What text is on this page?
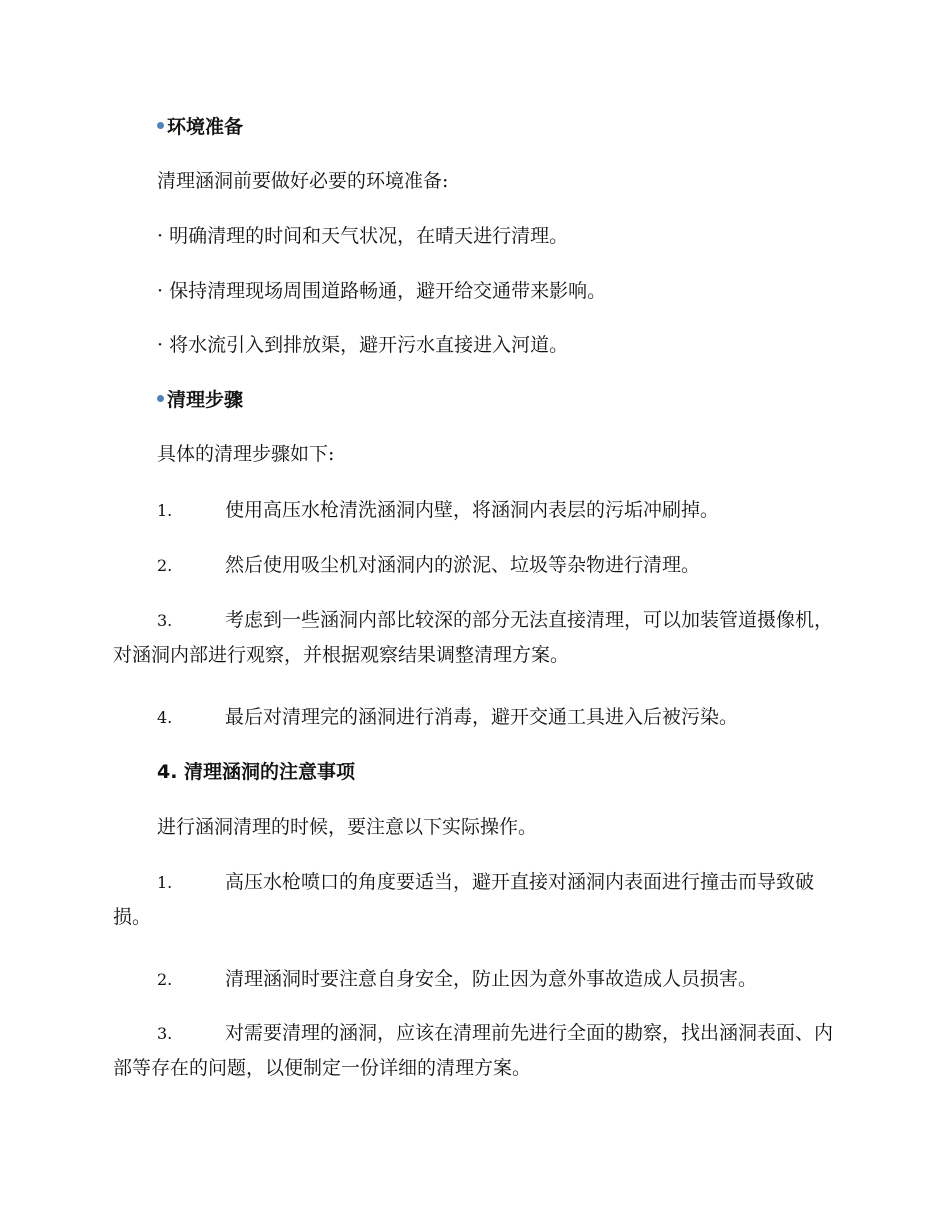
环境准备

清理涵洞前要做好必要的环境准备:

· 明确清理的时间和天气状况，在晴天进行清理。

· 保持清理现场周围道路畅通，避开给交通带来影响。

· 将水流引入到排放渠，避开污水直接进入河道。

清理步骤

具体的清理步骤如下:

1.	使用高压水枪清洗涵洞内壁，将涵洞内表层的污垢冲刷掉。

2.	然后使用吸尘机对涵洞内的淤泥、垃圾等杂物进行清理。

3.	考虑到一些涵洞内部比较深的部分无法直接清理，可以加装管道摄像机，对涵洞内部进行观察，并根据观察结果调整清理方案。

4.	最后对清理完的涵洞进行消毒，避开交通工具进入后被污染。

4. 清理涵洞的注意事项

进行涵洞清理的时候，要注意以下实际操作。

1.	高压水枪喷口的角度要适当，避开直接对涵洞内表面进行撞击而导致破损。

2.	清理涵洞时要注意自身安全，防止因为意外事故造成人员损害。

3.	对需要清理的涵洞，应该在清理前先进行全面的勘察，找出涵洞表面、内部等存在的问题，以便制定一份详细的清理方案。
